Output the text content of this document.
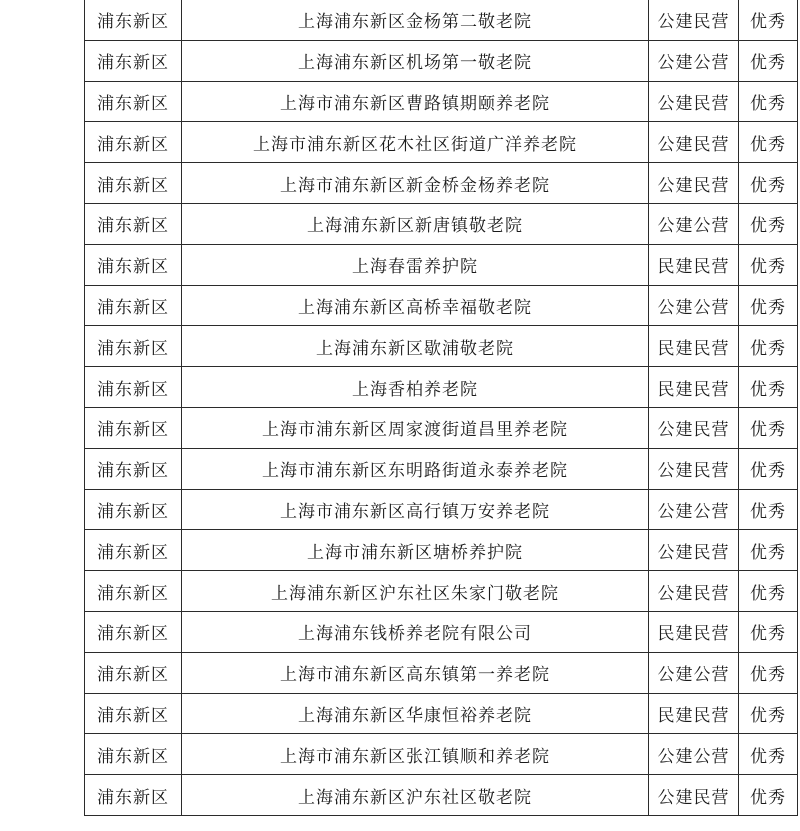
浦东新区	上海浦东新区金杨第二敬老院	公建民营	优秀
浦东新区	上海浦东新区机场第一敬老院	公建公营	优秀
浦东新区	上海市浦东新区曹路镇期颐养老院	公建民营	优秀
浦东新区	上海市浦东新区花木社区街道广洋养老院	公建民营	优秀
浦东新区	上海市浦东新区新金桥金杨养老院	公建民营	优秀
浦东新区	上海浦东新区新唐镇敬老院	公建公营	优秀
浦东新区	上海春雷养护院	民建民营	优秀
浦东新区	上海浦东新区高桥幸福敬老院	公建公营	优秀
浦东新区	上海浦东新区歇浦敬老院	民建民营	优秀
浦东新区	上海香柏养老院	民建民营	优秀
浦东新区	上海市浦东新区周家渡街道昌里养老院	公建民营	优秀
浦东新区	上海市浦东新区东明路街道永泰养老院	公建民营	优秀
浦东新区	上海市浦东新区高行镇万安养老院	公建公营	优秀
浦东新区	上海市浦东新区塘桥养护院	公建民营	优秀
浦东新区	上海浦东新区沪东社区朱家门敬老院	公建民营	优秀
浦东新区	上海浦东钱桥养老院有限公司	民建民营	优秀
浦东新区	上海市浦东新区高东镇第一养老院	公建公营	优秀
浦东新区	上海浦东新区华康恒裕养老院	民建民营	优秀
浦东新区	上海市浦东新区张江镇顺和养老院	公建公营	优秀
浦东新区	上海浦东新区沪东社区敬老院	公建民营	优秀
